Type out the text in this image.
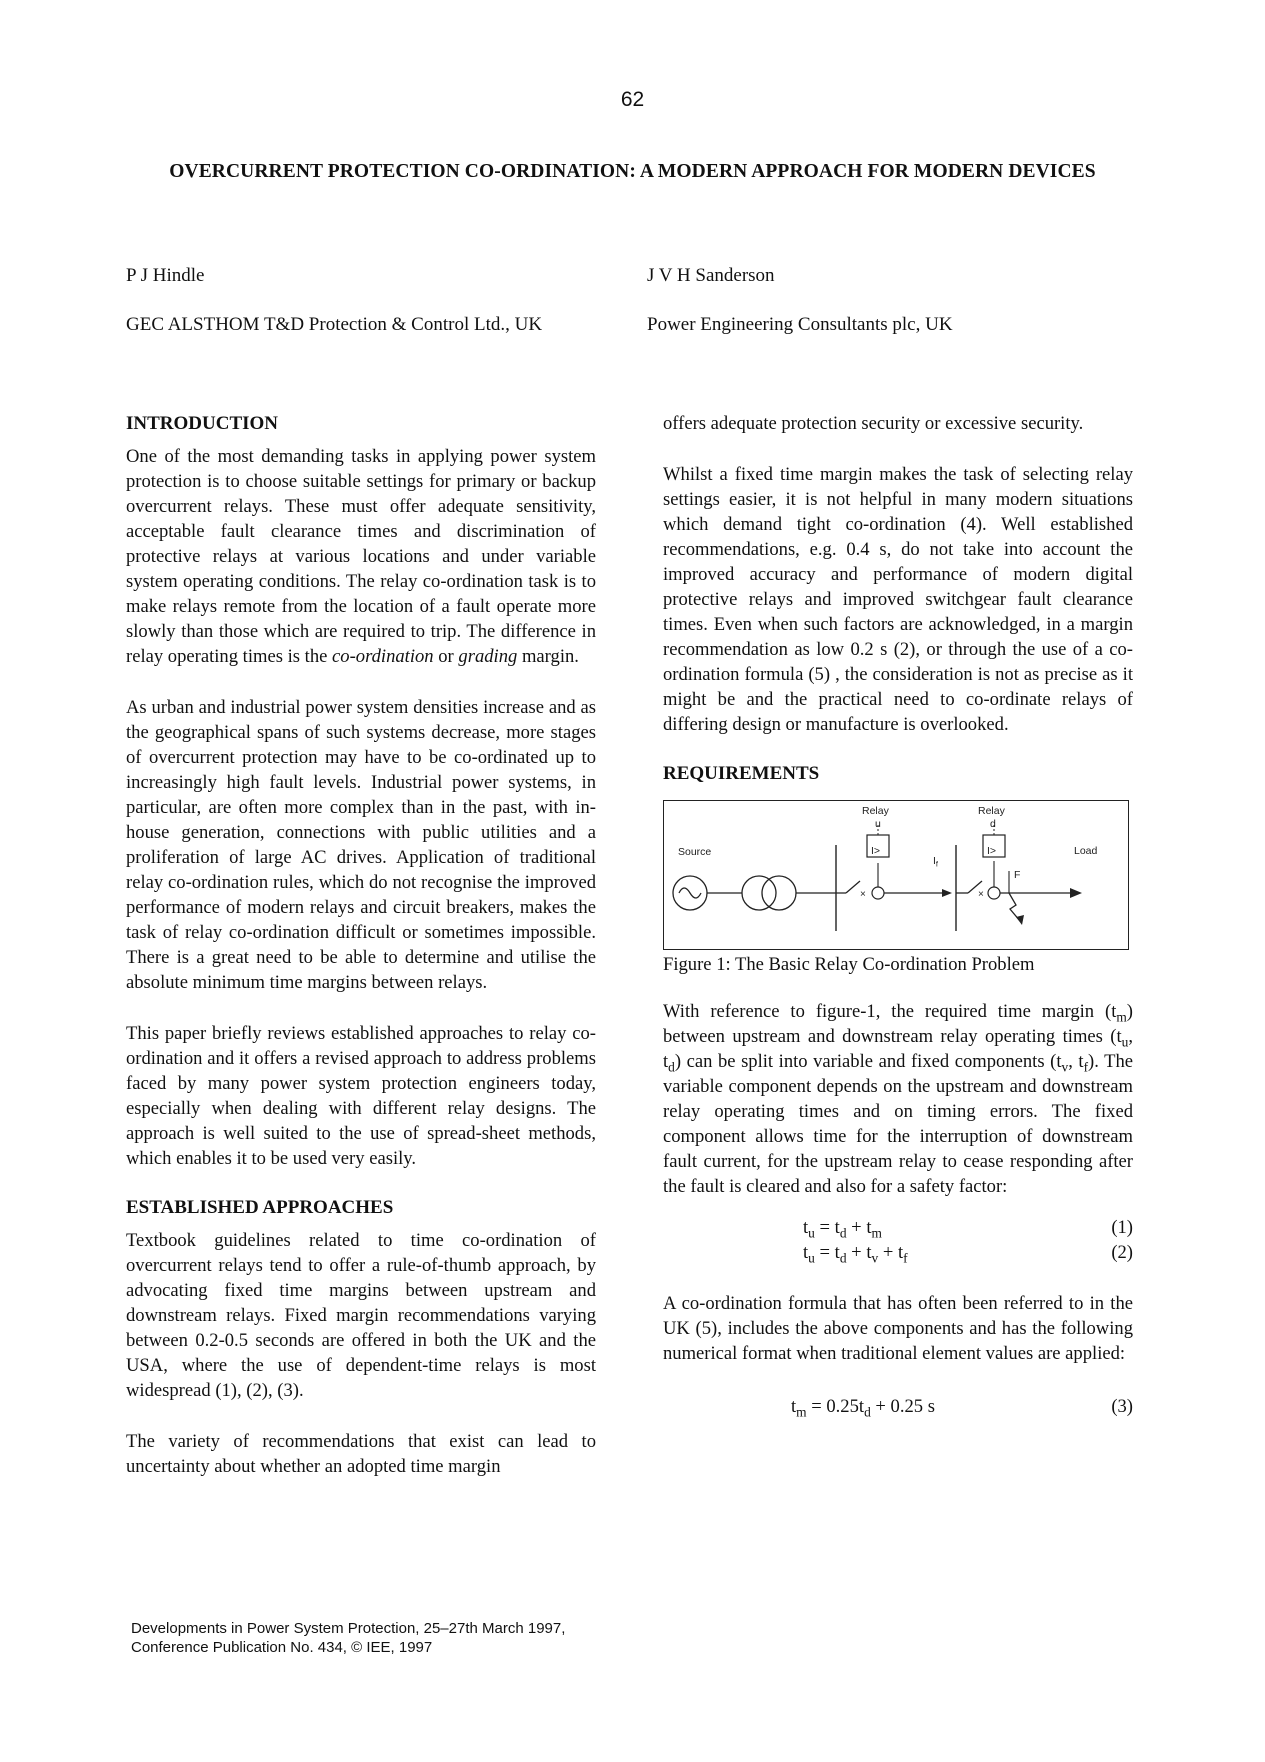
62
OVERCURRENT PROTECTION CO-ORDINATION: A MODERN APPROACH FOR MODERN DEVICES
P J Hindle
GEC ALSTHOM T&D Protection & Control Ltd., UK
J V H Sanderson
Power Engineering Consultants plc, UK
INTRODUCTION

One of the most demanding tasks in applying power system protection is to choose suitable settings for primary or backup overcurrent relays. These must offer adequate sensitivity, acceptable fault clearance times and discrimination of protective relays at various locations and under variable system operating conditions. The relay co-ordination task is to make relays remote from the location of a fault operate more slowly than those which are required to trip. The difference in relay operating times is the co-ordination or grading margin.

As urban and industrial power system densities increase and as the geographical spans of such systems decrease, more stages of overcurrent protection may have to be co-ordinated up to increasingly high fault levels. Industrial power systems, in particular, are often more complex than in the past, with in-house generation, connections with public utilities and a proliferation of large AC drives. Application of traditional relay co-ordination rules, which do not recognise the improved performance of modern relays and circuit breakers, makes the task of relay co-ordination difficult or sometimes impossible. There is a great need to be able to determine and utilise the absolute minimum time margins between relays.

This paper briefly reviews established approaches to relay co-ordination and it offers a revised approach to address problems faced by many power system protection engineers today, especially when dealing with different relay designs. The approach is well suited to the use of spread-sheet methods, which enables it to be used very easily.

ESTABLISHED APPROACHES

Textbook guidelines related to time co-ordination of overcurrent relays tend to offer a rule-of-thumb approach, by advocating fixed time margins between upstream and downstream relays. Fixed margin recommendations varying between 0.2-0.5 seconds are offered in both the UK and the USA, where the use of dependent-time relays is most widespread (1), (2), (3).

The variety of recommendations that exist can lead to uncertainty about whether an adopted time margin

offers adequate protection security or excessive security.

Whilst a fixed time margin makes the task of selecting relay settings easier, it is not helpful in many modern situations which demand tight co-ordination (4). Well established recommendations, e.g. 0.4 s, do not take into account the improved accuracy and performance of modern digital protective relays and improved switchgear fault clearance times. Even when such factors are acknowledged, in a margin recommendation as low 0.2 s (2), or through the use of a co-ordination formula (5) , the consideration is not as precise as it might be and the practical need to co-ordinate relays of differing design or manufacture is overlooked.

REQUIREMENTS
×	×
Relay
u
Relay
d
I>	I>
Source	Load
$I_f$
F

Figure 1: The Basic Relay Co-ordination Problem

With reference to figure-1, the required time margin $(t_m)$ between upstream and downstream relay operating times ($t_u$, $t_d$) can be split into variable and fixed components ($t_v$, $t_f$). The variable component depends on the upstream and downstream relay operating times and on timing errors. The fixed component allows time for the interruption of downstream fault current, for the upstream relay to cease responding after the fault is cleared and also for a safety factor:

$t_u = t_d + t_m$	(1)
$t_u = t_d + t_v + t_f$	(2)

A co-ordination formula that has often been referred to in the UK (5), includes the above components and has the following numerical format when traditional element values are applied:

$t_m = 0.25t_d + 0.25$ s	(3)
Developments in Power System Protection, 25–27th March 1997,
Conference Publication No. 434, © IEE, 1997
